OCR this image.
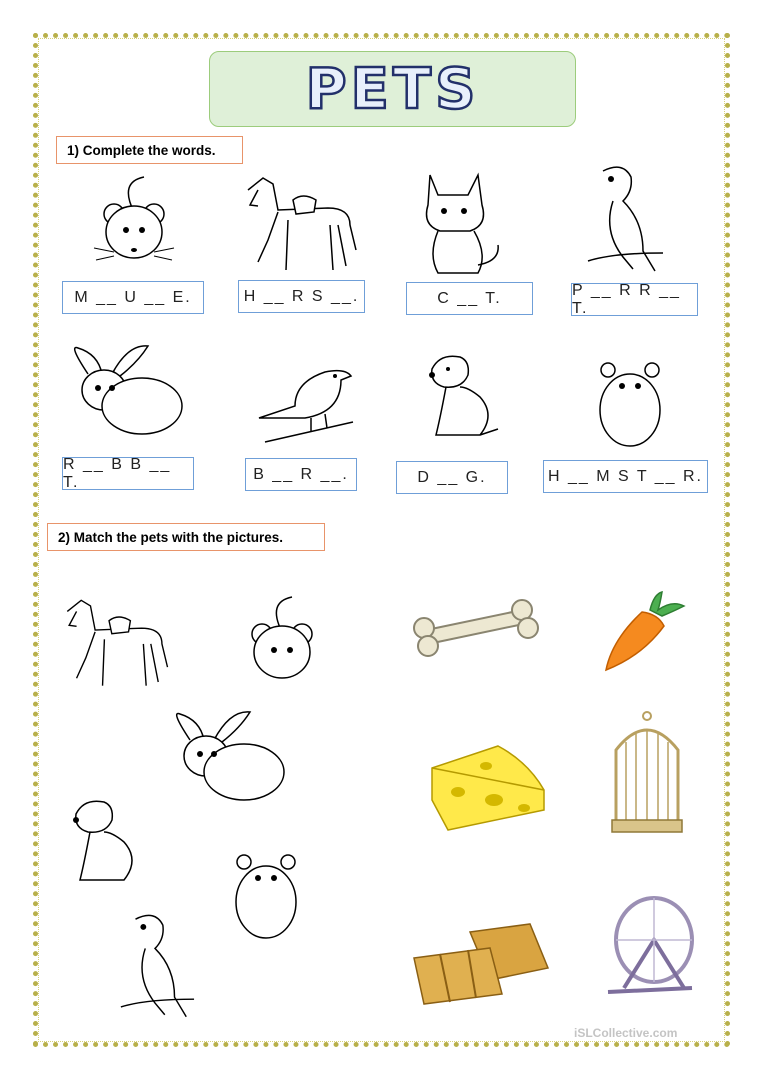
PETS
1) Complete the words.
M __ U __ E.	H __ R S __.	C __ T.	P __ R R __ T.
R __ B B __ T.	B __ R __.	D __ G.	H __ M S T __ R.
2) Match the pets with the pictures.
iSLCollective.com
